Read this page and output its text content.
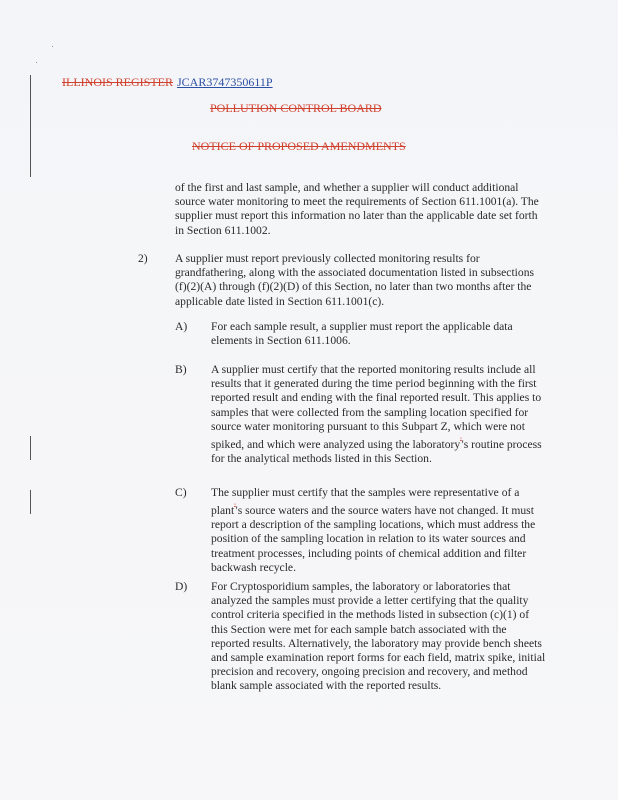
ILLINOIS REGISTER JCAR3747350611P
POLLUTION CONTROL BOARD
NOTICE OF PROPOSED AMENDMENTS
of the first and last sample, and whether a supplier will conduct additional source water monitoring to meet the requirements of Section 611.1001(a). The supplier must report this information no later than the applicable date set forth in Section 611.1002.
2) A supplier must report previously collected monitoring results for grandfathering, along with the associated documentation listed in subsections (f)(2)(A) through (f)(2)(D) of this Section, no later than two months after the applicable date listed in Section 611.1001(c).
A) For each sample result, a supplier must report the applicable data elements in Section 611.1006.
B) A supplier must certify that the reported monitoring results include all results that it generated during the time period beginning with the first reported result and ending with the final reported result. This applies to samples that were collected from the sampling location specified for source water monitoring pursuant to this Subpart Z, which were not spiked, and which were analyzed using the laboratory''s routine process for the analytical methods listed in this Section.
C) The supplier must certify that the samples were representative of a plant''s source waters and the source waters have not changed. It must report a description of the sampling locations, which must address the position of the sampling location in relation to its water sources and treatment processes, including points of chemical addition and filter backwash recycle.
D) For Cryptosporidium samples, the laboratory or laboratories that analyzed the samples must provide a letter certifying that the quality control criteria specified in the methods listed in subsection (c)(1) of this Section were met for each sample batch associated with the reported results. Alternatively, the laboratory may provide bench sheets and sample examination report forms for each field, matrix spike, initial precision and recovery, ongoing precision and recovery, and method blank sample associated with the reported results.
